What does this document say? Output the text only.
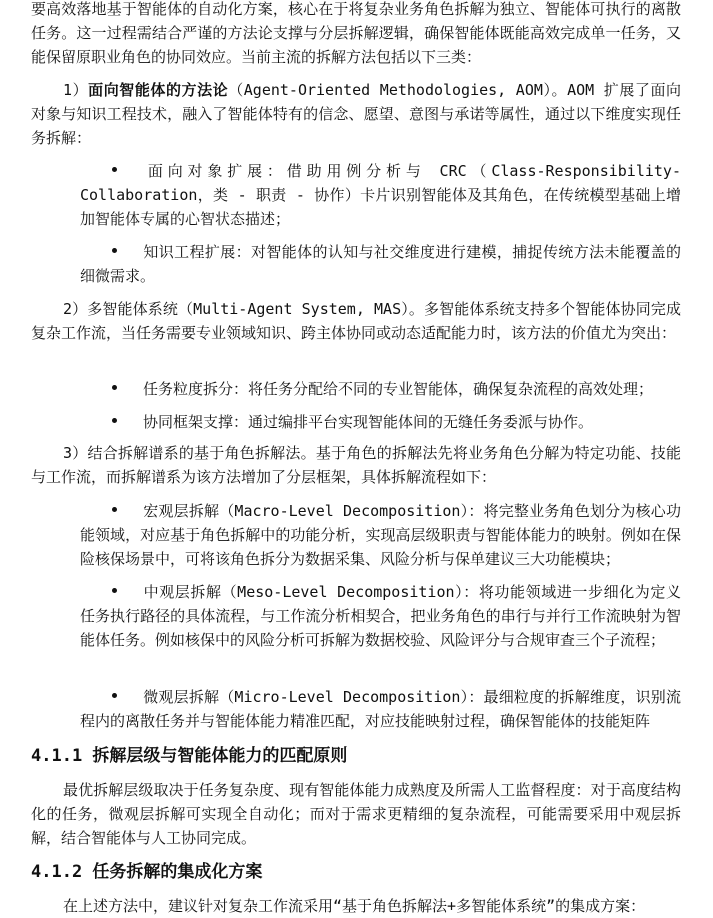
要高效落地基于智能体的自动化方案，核心在于将复杂业务角色拆解为独立、智能体可执行的离散任务。这一过程需结合严谨的方法论支撑与分层拆解逻辑，确保智能体既能高效完成单一任务，又能保留原职业角色的协同效应。当前主流的拆解方法包括以下三类：

1）面向智能体的方法论（Agent-Oriented Methodologies, AOM）。AOM 扩展了面向对象与知识工程技术，融入了智能体特有的信念、愿望、意图与承诺等属性，通过以下维度实现任务拆解：

面向对象扩展：借助用例分析与 CRC（Class-Responsibility-Collaboration，类 - 职责 - 协作）卡片识别智能体及其角色，在传统模型基础上增加智能体专属的心智状态描述；

知识工程扩展：对智能体的认知与社交维度进行建模，捕捉传统方法未能覆盖的细微需求。

2）多智能体系统（Multi-Agent System, MAS）。多智能体系统支持多个智能体协同完成复杂工作流，当任务需要专业领域知识、跨主体协同或动态适配能力时，该方法的价值尤为突出：

任务粒度拆分：将任务分配给不同的专业智能体，确保复杂流程的高效处理；

协同框架支撑：通过编排平台实现智能体间的无缝任务委派与协作。

3）结合拆解谱系的基于角色拆解法。基于角色的拆解法先将业务角色分解为特定功能、技能与工作流，而拆解谱系为该方法增加了分层框架，具体拆解流程如下：

宏观层拆解（Macro-Level Decomposition）：将完整业务角色划分为核心功能领域，对应基于角色拆解中的功能分析，实现高层级职责与智能体能力的映射。例如在保险核保场景中，可将该角色拆分为数据采集、风险分析与保单建议三大功能模块；

中观层拆解（Meso-Level Decomposition）：将功能领域进一步细化为定义任务执行路径的具体流程，与工作流分析相契合，把业务角色的串行与并行工作流映射为智能体任务。例如核保中的风险分析可拆解为数据校验、风险评分与合规审查三个子流程；

微观层拆解（Micro-Level Decomposition）：最细粒度的拆解维度，识别流程内的离散任务并与智能体能力精准匹配，对应技能映射过程，确保智能体的技能矩阵

4.1.1 拆解层级与智能体能力的匹配原则

最优拆解层级取决于任务复杂度、现有智能体能力成熟度及所需人工监督程度：对于高度结构化的任务，微观层拆解可实现全自动化；而对于需求更精细的复杂流程，可能需要采用中观层拆解，结合智能体与人工协同完成。

4.1.2 任务拆解的集成化方案

在上述方法中，建议针对复杂工作流采用“基于角色拆解法+多智能体系统”的集成方案：
